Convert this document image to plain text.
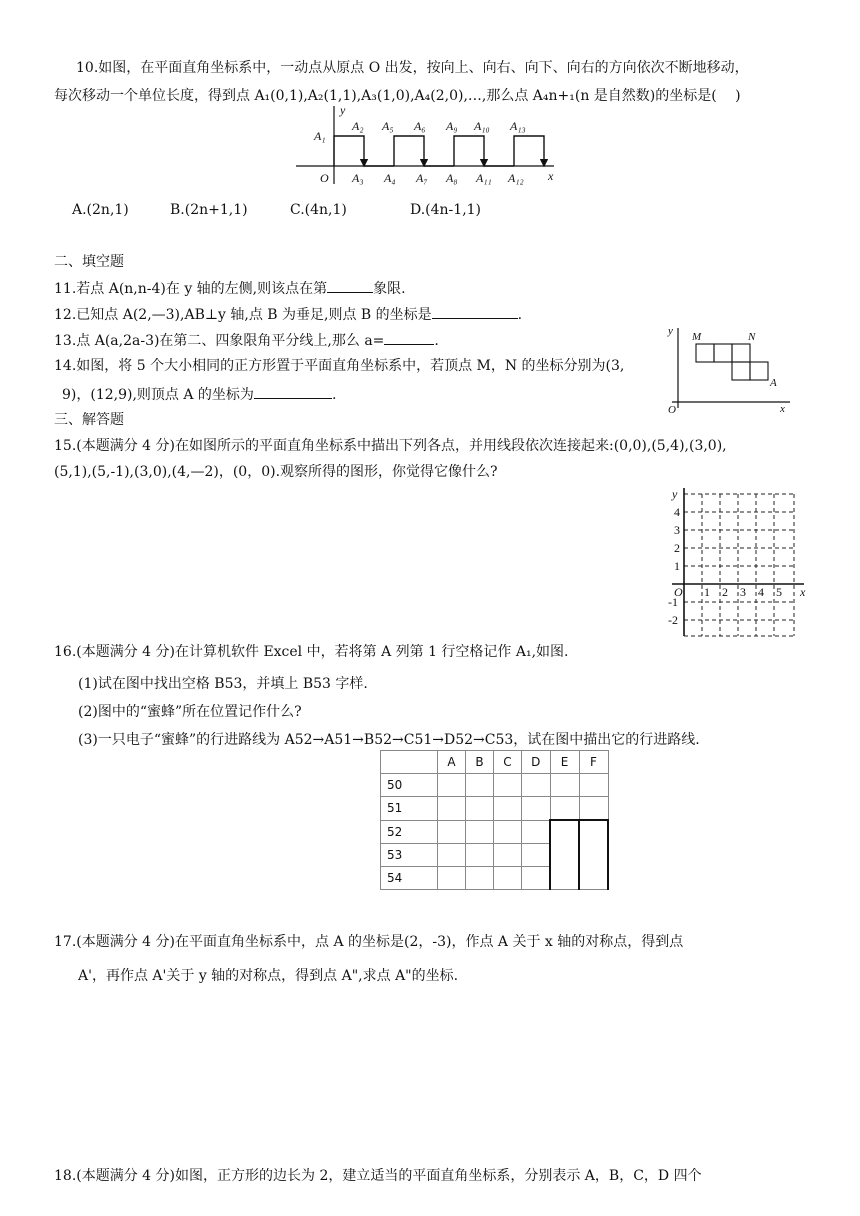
10.如图，在平面直角坐标系中，一动点从原点 O 出发，按向上、向右、向下、向右的方向依次不断地移动，
每次移动一个单位长度，得到点 A₁(0,1),A₂(1,1),A₃(1,0),A₄(2,0),…,那么点 A₄n+₁(n 是自然数)的坐标是(　 )
y
x
O
A₁
A₂
A₃ A₄
A₅ A₆
A₇ A₈
A₉ A₁₀
A₁₁ A₁₂
A₁₃
A.(2n,1)	B.(2n+1,1)	C.(4n,1)	D.(4n-1,1)
二、填空题
11.若点 A(n,n-4)在 y 轴的左侧,则该点在第	象限.
12.已知点 A(2,—3),AB⊥y 轴,点 B 为垂足,则点 B 的坐标是	.
13.点 A(a,2a-3)在第二、四象限角平分线上,那么 a=	.
14.如图，将 5 个大小相同的正方形置于平面直角坐标系中，若顶点 M，N 的坐标分别为(3,
9)，(12,9),则顶点 A 的坐标为	.
y
x
O
M	N
A
三、解答题
15.(本题满分 4 分)在如图所示的平面直角坐标系中描出下列各点，并用线段依次连接起来:(0,0),(5,4),(3,0),
(5,1),(5,-1),(3,0),(4,—2)，(0，0).观察所得的图形，你觉得它像什么?
y
x
O 1 2 3 4 5
4
3
2
1
-1
-2
16.(本题满分 4 分)在计算机软件 Excel 中，若将第 A 列第 1 行空格记作 A₁,如图.
(1)试在图中找出空格 B53，并填上 B53 字样.
(2)图中的“蜜蜂”所在位置记作什么?
(3)一只电子“蜜蜂”的行进路线为 A52→A51→B52→C51→D52→C53，试在图中描出它的行进路线.
	A	B	C	D	E	F
50						
51						
52						
53						
54						
17.(本题满分 4 分)在平面直角坐标系中，点 A 的坐标是(2，-3)，作点 A 关于 x 轴的对称点，得到点
A'，再作点 A'关于 y 轴的对称点，得到点 A",求点 A"的坐标.
18.(本题满分 4 分)如图，正方形的边长为 2，建立适当的平面直角坐标系，分别表示 A，B，C，D 四个
